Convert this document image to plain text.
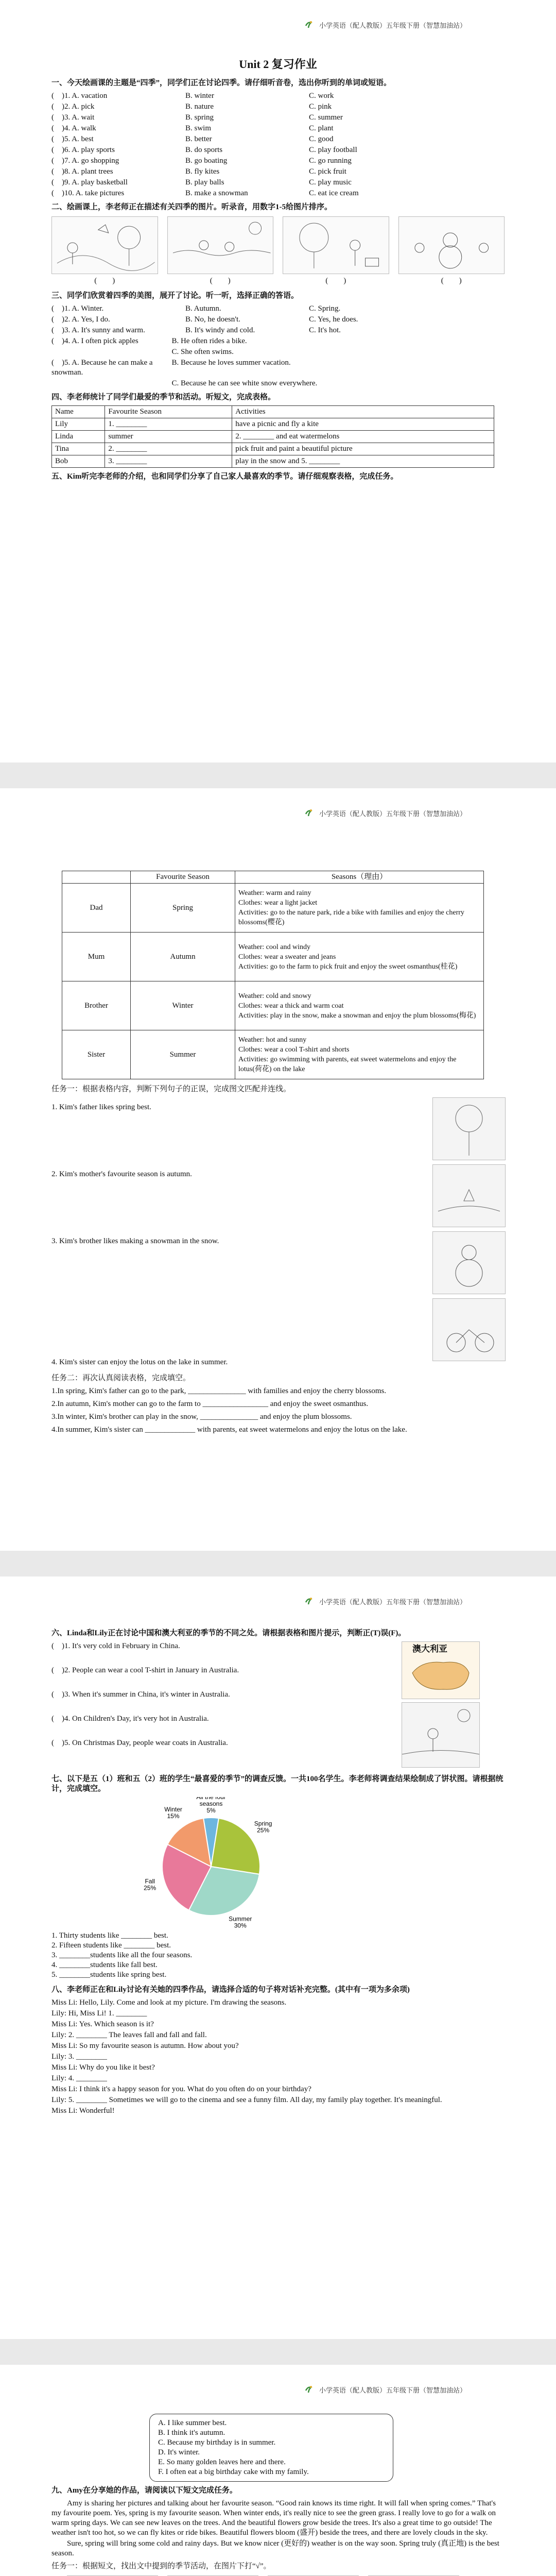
小学英语（配人教版）五年级下册（智慧加油站）
Unit 2 复习作业
一、今天绘画课的主题是“四季”，同学们正在讨论四季。请仔细听音卷，选出你听到的单词或短语。
(　)1. A. vacation	B. winter	C. work
(　)2. A. pick	B. nature	C. pink
(　)3. A. wait	B. spring	C. summer
(　)4. A. walk	B. swim	C. plant
(　)5. A. best	B. better	C. good
(　)6. A. play sports	B. do sports	C. play football
(　)7. A. go shopping	B. go boating	C. go running
(　)8. A. plant trees	B. fly kites	C. pick fruit
(　)9. A. play basketball	B. play balls	C. play music
(　)10. A. take pictures	B. make a snowman	C. eat ice cream
二、绘画课上，李老师正在描述有关四季的图片。听录音，用数字1-5给图片排序。
(　　)	(　　)	(　　)	(　　)
三、同学们欣赏着四季的美图，展开了讨论。听一听，选择正确的答语。
(　)1. A. Winter.	B. Autumn.	C. Spring.
(　)2. A. Yes, I do.	B. No, he doesn't.	C. Yes, he does.
(　)3. A. It's sunny and warm.	B. It's windy and cold.	C. It's hot.
(　)4. A. I often pick apples	B. He often rides a bike.
C. She often swims.
(　)5. A. Because he can make a snowman.
B. Because he loves summer vacation.
C. Because he can see white snow everywhere.
四、李老师统计了同学们最爱的季节和活动。听短文，完成表格。
Name	Favourite Season	Activities
Lily	1. ________	have a picnic and fly a kite
Linda	summer	2. ________ and eat watermelons
Tina	2. ________	pick fruit and paint a beautiful picture
Bob	3. ________	play in the snow and 5. ________
五、Kim听完李老师的介绍，也和同学们分享了自己家人最喜欢的季节。请仔细观察表格，完成任务。
小学英语（配人教版）五年级下册（智慧加油站）
	Favourite Season	Seasons（理由）
Dad	Spring	Weather: warm and rainy
Clothes: wear a light jacket
Activities: go to the nature park, ride a bike with families and enjoy the cherry blossoms(樱花)
Mum	Autumn	Weather: cool and windy
Clothes: wear a sweater and jeans
Activities: go to the farm to pick fruit and enjoy the sweet osmanthus(桂花)
Brother	Winter	Weather: cold and snowy
Clothes: wear a thick and warm coat
Activities: play in the snow, make a snowman and enjoy the plum blossoms(梅花)
Sister	Summer	Weather: hot and sunny
Clothes: wear a cool T-shirt and shorts
Activities: go swimming with parents, eat sweet watermelons and enjoy the lotus(荷花) on the lake
任务一：根据表格内容，判断下列句子的正误，完成图文匹配并连线。
1. Kim's father likes spring best.
2. Kim's mother's favourite season is autumn.
3. Kim's brother likes making a snowman in the snow.
4. Kim's sister can enjoy the lotus on the lake in summer.
任务二：再次认真阅读表格，完成填空。
1.In spring, Kim's father can go to the park, _______________ with families and enjoy the cherry blossoms.
2.In autumn, Kim's mother can go to the farm to _________________ and enjoy the sweet osmanthus.
3.In winter, Kim's brother can play in the snow, _______________ and enjoy the plum blossoms.
4.In summer, Kim's sister can _____________ with parents, eat sweet watermelons and enjoy the lotus on the lake.
小学英语（配人教版）五年级下册（智慧加油站）
六、Linda和Lily正在讨论中国和澳大利亚的季节的不同之处。请根据表格和图片提示，判断正(T)误(F)。
(　)1. It's very cold in February in China.
(　)2. People can wear a cool T-shirt in January in Australia.
(　)3. When it's summer in China, it's winter in Australia.
(　)4. On Children's Day, it's very hot in Australia.
(　)5. On Christmas Day, people wear coats in Australia.
澳大利亚
七、以下是五（1）班和五（2）班的学生“最喜爱的季节”的调查反馈。一共100名学生。李老师将调查结果绘制成了饼状图。请根据统计，完成填空。
All the four seasons 5%
Spring 25%
Summer 30%
Fall 25%
Winter 15%
1. Thirty students like ________ best.
2. Fifteen students like ________ best.
3. ________students like all the four seasons.
4. ________students like fall best.
5. ________students like spring best.
八、李老师正在和Lily讨论有关她的四季作品，请选择合适的句子将对话补充完整。(其中有一项为多余项)
Miss Li: Hello, Lily. Come and look at my picture. I'm drawing the seasons.
Lily: Hi, Miss Li! 1. ________
Miss Li: Yes. Which season is it?
Lily: 2. ________ The leaves fall and fall and fall.
Miss Li: So my favourite season is autumn. How about you?
Lily: 3. ________
Miss Li: Why do you like it best?
Lily: 4. ________
Miss Li: I think it's a happy season for you. What do you often do on your birthday?
Lily: 5. ________ Sometimes we will go to the cinema and see a funny film. All day, my family play together. It's meaningful.
Miss Li: Wonderful!
小学英语（配人教版）五年级下册（智慧加油站）
A. I like summer best.
B. I think it's autumn.
C. Because my birthday is in summer.
D. It's winter.
E. So many golden leaves here and there.
F. I often eat a big birthday cake with my family.
九、Amy在分享她的作品，请阅读以下短文完成任务。
Amy is sharing her pictures and talking about her favourite season. “Good rain knows its time right. It will fall when spring comes.” That's my favourite poem. Yes, spring is my favourite season. When winter ends, it's really nice to see the green grass. I really love to go for a walk on warm spring days. We can see new leaves on the trees. And the beautiful flowers grow beside the trees. It's also a great time to go outside! The weather isn't too hot, so we can fly kites or ride bikes. Beautiful flowers bloom (盛开) beside the trees, and there are lovely clouds in the sky.
Sure, spring will bring some cold and rainy days. But we know nicer (更好的) weather is on the way soon. Spring truly (真正地) is the best season.
任务一：根据短文，找出文中提到的季节活动，在图片下打“√”。
